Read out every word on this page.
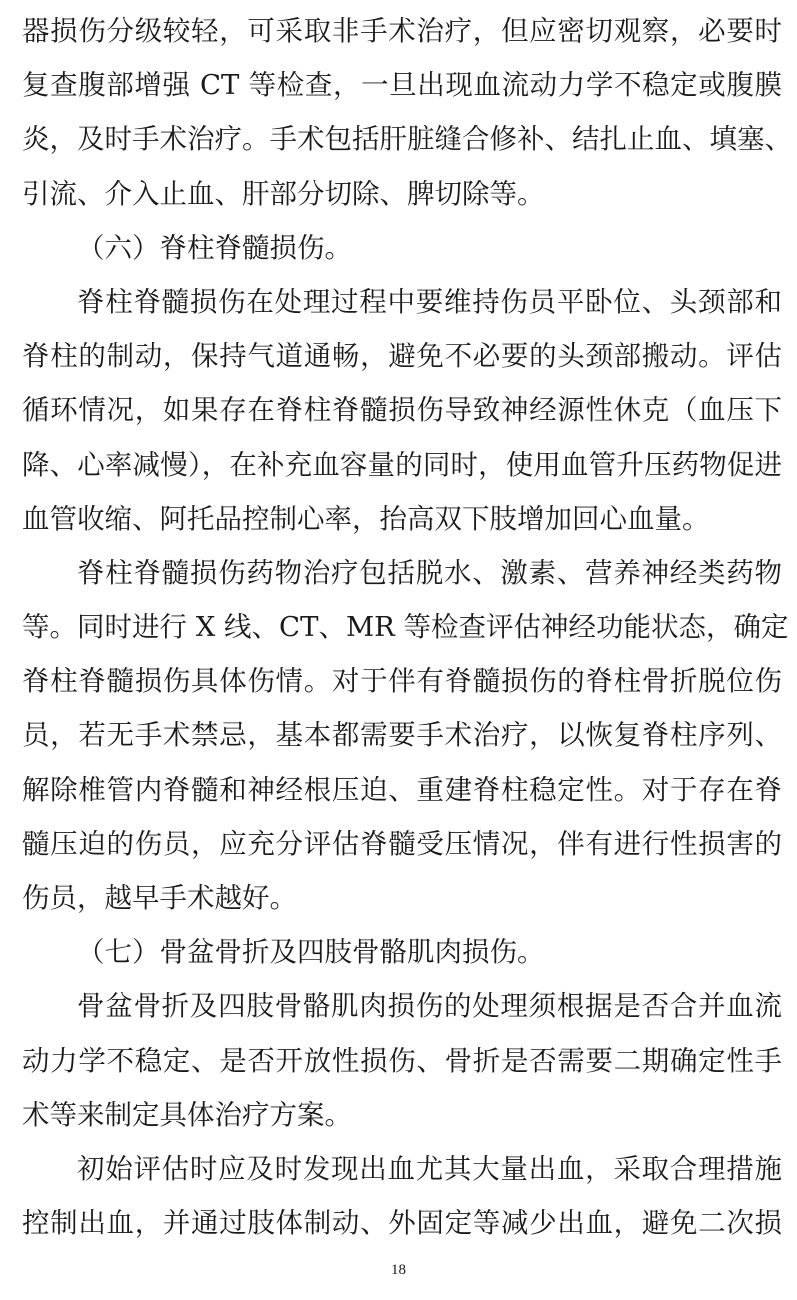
器损伤分级较轻，可采取非手术治疗，但应密切观察，必要时
复查腹部增强 CT 等检查，一旦出现血流动力学不稳定或腹膜
炎，及时手术治疗。手术包括肝脏缝合修补、结扎止血、填塞、
引流、介入止血、肝部分切除、脾切除等。
（六）脊柱脊髓损伤。
脊柱脊髓损伤在处理过程中要维持伤员平卧位、头颈部和
脊柱的制动，保持气道通畅，避免不必要的头颈部搬动。评估
循环情况，如果存在脊柱脊髓损伤导致神经源性休克（血压下
降、心率减慢），在补充血容量的同时，使用血管升压药物促进
血管收缩、阿托品控制心率，抬高双下肢增加回心血量。
脊柱脊髓损伤药物治疗包括脱水、激素、营养神经类药物
等。同时进行 X 线、CT、MR 等检查评估神经功能状态，确定
脊柱脊髓损伤具体伤情。对于伴有脊髓损伤的脊柱骨折脱位伤
员，若无手术禁忌，基本都需要手术治疗，以恢复脊柱序列、
解除椎管内脊髓和神经根压迫、重建脊柱稳定性。对于存在脊
髓压迫的伤员，应充分评估脊髓受压情况，伴有进行性损害的
伤员，越早手术越好。
（七）骨盆骨折及四肢骨骼肌肉损伤。
骨盆骨折及四肢骨骼肌肉损伤的处理须根据是否合并血流
动力学不稳定、是否开放性损伤、骨折是否需要二期确定性手
术等来制定具体治疗方案。
初始评估时应及时发现出血尤其大量出血，采取合理措施
控制出血，并通过肢体制动、外固定等减少出血，避免二次损
18
